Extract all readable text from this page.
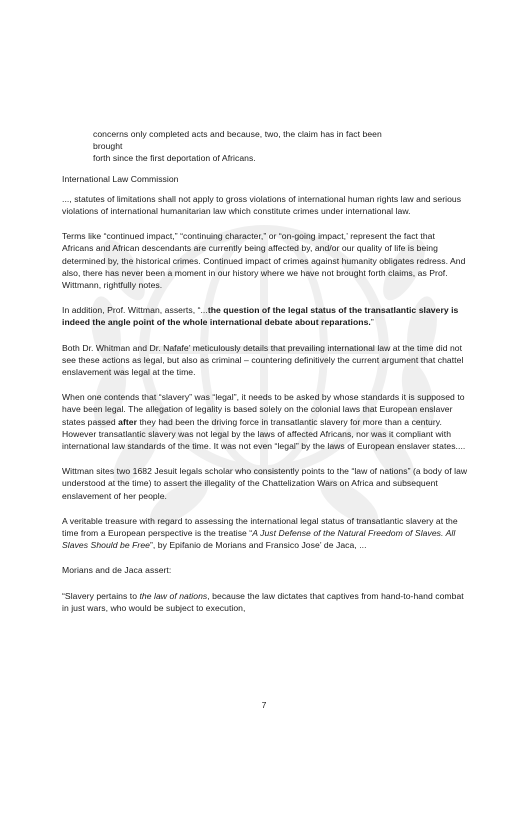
concerns only completed acts and because, two, the claim has in fact been

brought

forth since the first deportation of Africans.

International Law Commission

..., statutes of limitations shall not apply to gross violations of international human rights law and serious violations of international humanitarian law which constitute crimes under international law.

Terms like “continued impact,” “continuing character,” or “on-going impact,’ represent the fact that Africans and African descendants are currently being affected by, and/or our quality of life is being determined by, the historical crimes. Continued impact of crimes against humanity obligates redress. And also, there has never been a moment in our history where we have not brought forth claims, as Prof. Wittmann, rightfully notes.

In addition, Prof. Wittman, asserts, “...the question of the legal status of the transatlantic slavery is indeed the angle point of the whole international debate about reparations.”

Both Dr. Whitman and Dr. Nafafe’ meticulously details that prevailing international law at the time did not see these actions as legal, but also as criminal – countering definitively the current argument that chattel enslavement was legal at the time.

When one contends that “slavery” was “legal”, it needs to be asked by whose standards it is supposed to have been legal. The allegation of legality is based solely on the colonial laws that European enslaver states passed after they had been the driving force in transatlantic slavery for more than a century. However transatlantic slavery was not legal by the laws of affected Africans, nor was it compliant with international law standards of the time. It was not even “legal” by the laws of European enslaver states....

Wittman sites two 1682 Jesuit legals scholar who consistently points to the “law of nations” (a body of law understood at the time) to assert the illegality of the Chattelization Wars on Africa and subsequent enslavement of her people.

A veritable treasure with regard to assessing the international legal status of transatlantic slavery at the time from a European perspective is the treatise “A Just Defense of the Natural Freedom of Slaves. All Slaves Should be Free”, by Epifanio de Morians and Fransico Jose’ de Jaca, ...

Morians and de Jaca assert:

“Slavery pertains to the law of nations, because the law dictates that captives from hand-to-hand combat in just wars, who would be subject to execution,

7
